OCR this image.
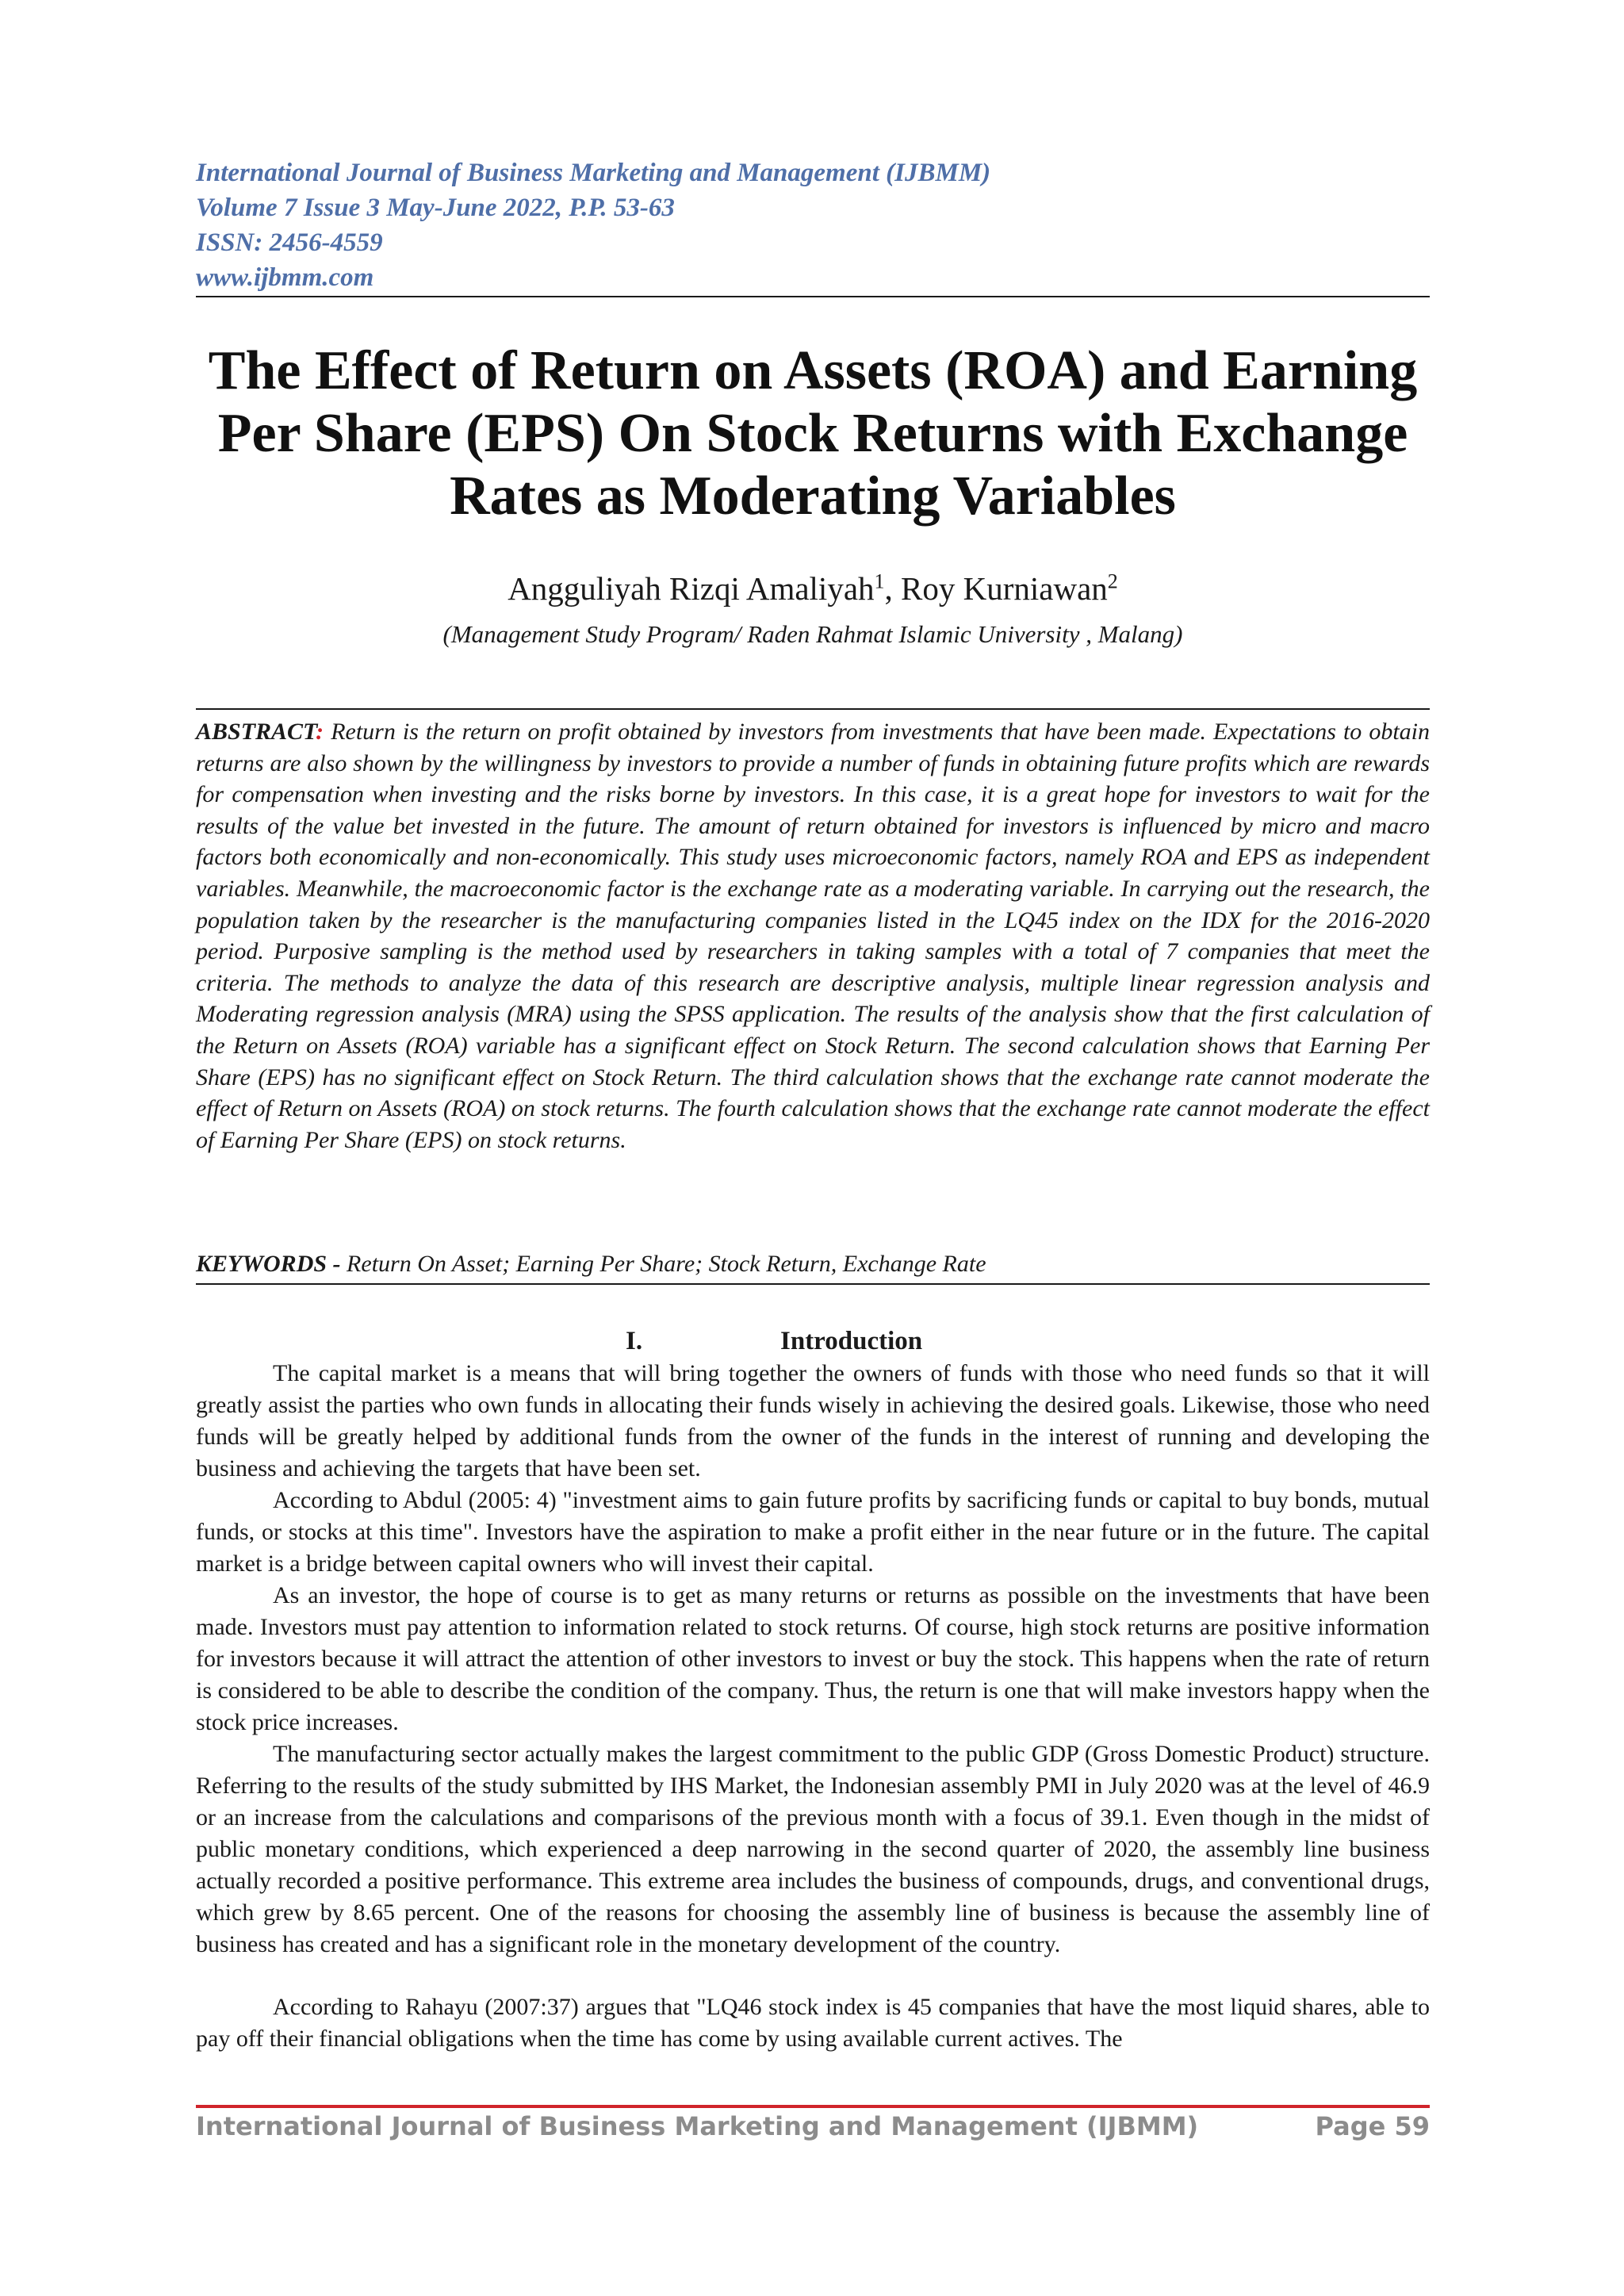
International Journal of Business Marketing and Management (IJBMM)
Volume 7 Issue 3 May-June 2022, P.P. 53-63
ISSN: 2456-4559
www.ijbmm.com
The Effect of Return on Assets (ROA) and Earning
Per Share (EPS) On Stock Returns with Exchange
Rates as Moderating Variables
Angguliyah Rizqi Amaliyah$^1$, Roy Kurniawan$^2$
(Management Study Program/ Raden Rahmat Islamic University , Malang)
ABSTRACT: Return is the return on profit obtained by investors from investments that have been made. Expectations to obtain returns are also shown by the willingness by investors to provide a number of funds in obtaining future profits which are rewards for compensation when investing and the risks borne by investors. In this case, it is a great hope for investors to wait for the results of the value bet invested in the future. The amount of return obtained for investors is influenced by micro and macro factors both economically and non-economically. This study uses microeconomic factors, namely ROA and EPS as independent variables. Meanwhile, the macroeconomic factor is the exchange rate as a moderating variable. In carrying out the research, the population taken by the researcher is the manufacturing companies listed in the LQ45 index on the IDX for the 2016-2020 period. Purposive sampling is the method used by researchers in taking samples with a total of 7 companies that meet the criteria. The methods to analyze the data of this research are descriptive analysis, multiple linear regression analysis and Moderating regression analysis (MRA) using the SPSS application. The results of the analysis show that the first calculation of the Return on Assets (ROA) variable has a significant effect on Stock Return. The second calculation shows that Earning Per Share (EPS) has no significant effect on Stock Return. The third calculation shows that the exchange rate cannot moderate the effect of Return on Assets (ROA) on stock returns. The fourth calculation shows that the exchange rate cannot moderate the effect of Earning Per Share (EPS) on stock returns.
KEYWORDS - Return On Asset; Earning Per Share; Stock Return, Exchange Rate
I.	Introduction

The capital market is a means that will bring together the owners of funds with those who need funds so that it will greatly assist the parties who own funds in allocating their funds wisely in achieving the desired goals. Likewise, those who need funds will be greatly helped by additional funds from the owner of the funds in the interest of running and developing the business and achieving the targets that have been set.

According to Abdul (2005: 4) "investment aims to gain future profits by sacrificing funds or capital to buy bonds, mutual funds, or stocks at this time". Investors have the aspiration to make a profit either in the near future or in the future. The capital market is a bridge between capital owners who will invest their capital.

As an investor, the hope of course is to get as many returns or returns as possible on the investments that have been made. Investors must pay attention to information related to stock returns. Of course, high stock returns are positive information for investors because it will attract the attention of other investors to invest or buy the stock. This happens when the rate of return is considered to be able to describe the condition of the company. Thus, the return is one that will make investors happy when the stock price increases.

The manufacturing sector actually makes the largest commitment to the public GDP (Gross Domestic Product) structure. Referring to the results of the study submitted by IHS Market, the Indonesian assembly PMI in July 2020 was at the level of 46.9 or an increase from the calculations and comparisons of the previous month with a focus of 39.1. Even though in the midst of public monetary conditions, which experienced a deep narrowing in the second quarter of 2020, the assembly line business actually recorded a positive performance. This extreme area includes the business of compounds, drugs, and conventional drugs, which grew by 8.65 percent. One of the reasons for choosing the assembly line of business is because the assembly line of business has created and has a significant role in the monetary development of the country.

According to Rahayu (2007:37) argues that "LQ46 stock index is 45 companies that have the most liquid shares, able to pay off their financial obligations when the time has come by using available current actives. The

International Journal of Business Marketing and Management (IJBMM)	Page 59
